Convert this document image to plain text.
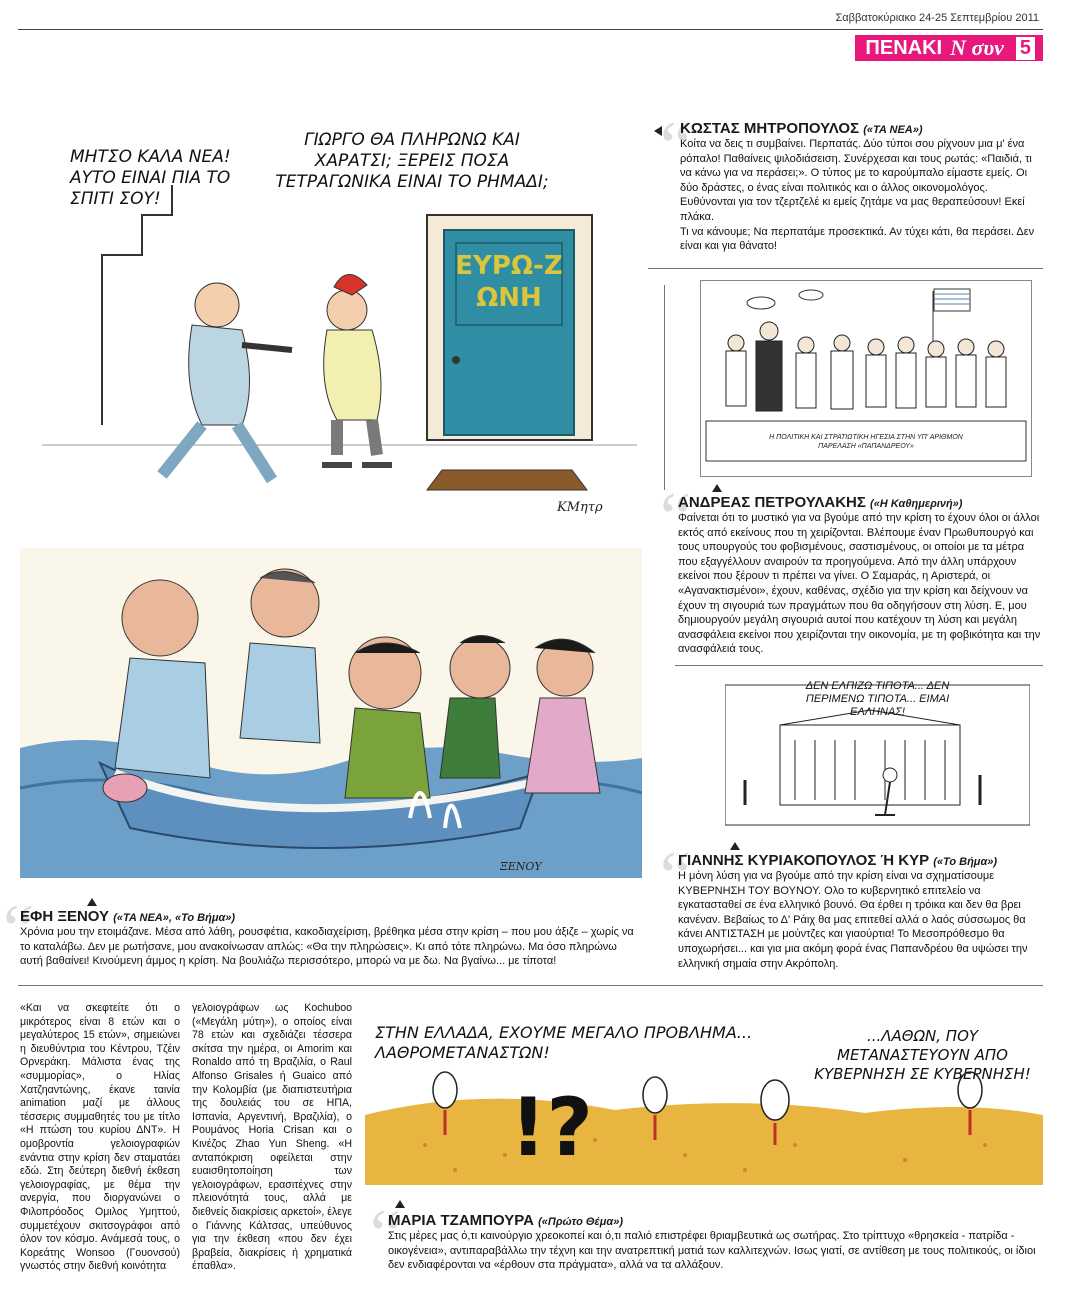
Σαββατοκύριακο 24-25 Σεπτεμβρίου 2011
ΠΕΝΑΚΙ N συν 5
ΜΗΤΣΟ ΚΑΛΑ ΝΕΑ! ΑΥΤΟ ΕΙΝΑΙ ΠΙΑ ΤΟ ΣΠΙΤΙ ΣΟΥ!
ΓΙΩΡΓΟ ΘΑ ΠΛΗΡΩΝΩ ΚΑΙ ΧΑΡΑΤΣΙ; ΞΕΡΕΙΣ ΠΟΣΑ ΤΕΤΡΑΓΩΝΙΚΑ ΕΙΝΑΙ ΤΟ ΡΗΜΑΔΙ;
ΕΥΡΩ-ΖΩΝΗ
ΚΜητρ
“
ΚΩΣΤΑΣ ΜΗΤΡΟΠΟΥΛΟΣ («ΤΑ ΝΕΑ»)
Κοίτα να δεις τι συμβαίνει. Περπατάς. Δύο τύποι σου ρίχνουν μια μ' ένα ρόπαλο! Παθαίνεις ψιλοδιάσειση. Συνέρχεσαι και τους ρωτάς: «Παιδιά, τι να κάνω για να περάσει;». Ο τύπος με το καρούμπαλο είμαστε εμείς. Οι δύο δράστες, ο ένας είναι πολιτικός και ο άλλος οικονομολόγος. Ευθύνονται για τον τζερτζελέ κι εμείς ζητάμε να μας θεραπεύσουν! Εκεί πλάκα.
Τι να κάνουμε; Να περπατάμε προσεκτικά. Αν τύχει κάτι, θα περάσει. Δεν είναι και για θάνατο!
Η ΠΟΛΙΤΙΚΗ ΚΑΙ ΣΤΡΑΤΙΩΤΙΚΗ ΗΓΕΣΙΑ ΣΤΗΝ ΥΠ' ΑΡΙΘΜΟΝ ΠΑΡΕΛΑΣΗ «ΠΑΠΑΝΔΡΕΟΥ»
“
ΑΝΔΡΕΑΣ ΠΕΤΡΟΥΛΑΚΗΣ («Η Καθημερινή»)
Φαίνεται ότι το μυστικό για να βγούμε από την κρίση το έχουν όλοι οι άλλοι εκτός από εκείνους που τη χειρίζονται. Βλέπουμε έναν Πρωθυπουργό και τους υπουργούς του φοβισμένους, σαστισμένους, οι οποίοι με τα μέτρα που εξαγγέλλουν αναιρούν τα προηγούμενα. Από την άλλη υπάρχουν εκείνοι που ξέρουν τι πρέπει να γίνει. Ο Σαμαράς, η Αριστερά, οι «Αγανακτισμένοι», έχουν, καθένας, σχέδιο για την κρίση και δείχνουν να έχουν τη σιγουριά των πραγμάτων που θα οδηγήσουν στη λύση. Ε, μου δημιουργούν μεγάλη σιγουριά αυτοί που κατέχουν τη λύση και μεγάλη ανασφάλεια εκείνοι που χειρίζονται την οικονομία, με τη φοβικότητα και την ανασφάλειά τους.
ΔΕΝ ΕΛΠΙΖΩ ΤΙΠΟΤΑ... ΔΕΝ ΠΕΡΙΜΕΝΩ ΤΙΠΟΤΑ... ΕΙΜΑΙ ΕΛΛΗΝΑΣ!
“
ΓΙΑΝΝΗΣ ΚΥΡΙΑΚΟΠΟΥΛΟΣ Ή ΚΥΡ («Το Βήμα»)
Η μόνη λύση για να βγούμε από την κρίση είναι να σχηματίσουμε ΚΥΒΕΡΝΗΣΗ ΤΟΥ ΒΟΥΝΟΥ. Ολο το κυβερνητικό επιτελείο να εγκατασταθεί σε ένα ελληνικό βουνό. Θα έρθει η τρόικα και δεν θα βρει κανέναν. Βεβαίως το Δ' Ράιχ θα μας επιτεθεί αλλά ο λαός σύσσωμος θα κάνει ΑΝΤΙΣΤΑΣΗ με μούντζες και γιαούρτια! Το Μεσοπρόθεσμο θα υποχωρήσει... και για μια ακόμη φορά ένας Παπανδρέου θα υψώσει την ελληνική σημαία στην Ακρόπολη.
ΞΕΝΟΥ
“
ΕΦΗ ΞΕΝΟΥ («ΤΑ ΝΕΑ», «Το Βήμα»)
Χρόνια μου την ετοιμάζανε. Μέσα από λάθη, ρουσφέτια, κακοδιαχείριση, βρέθηκα μέσα στην κρίση – που μου άξιζε – χωρίς να το καταλάβω. Δεν με ρωτήσανε, μου ανακοίνωσαν απλώς: «Θα την πληρώσεις». Κι από τότε πληρώνω. Μα όσο πληρώνω αυτή βαθαίνει! Κινούμενη άμμος η κρίση. Να βουλιάζω περισσότερο, μπορώ να με δω. Να βγαίνω... με τίποτα!
«Και να σκεφτείτε ότι ο μικρότερος είναι 8 ετών και ο μεγαλύτερος 15 ετών», σημειώνει η διευθύντρια του Κέντρου, Τζέιν Ορνεράκη. Μάλιστα ένας της «συμμορίας», ο Ηλίας Χατζηαντώνης, έκανε ταινία animation μαζί με άλλους τέσσερις συμμαθητές του με τίτλο «Η πτώση του κυρίου ΔΝΤ». Η ομοβροντία γελοιογραφιών ενάντια στην κρίση δεν σταματάει εδώ. Στη δεύτερη διεθνή έκθεση γελοιογραφίας, με θέμα την ανεργία, που διοργανώνει ο Φιλοπρόοδος Ομιλος Υμηττού, συμμετέχουν σκιτσογράφοι από όλον τον κόσμο. Ανάμεσά τους, ο Κορεάτης Wonsoo (Γουονσού) γνωστός στην διεθνή κοινότητα
γελοιογράφων ως Kochuboo («Μεγάλη μύτη»), ο οποίος είναι 78 ετών και σχεδιάζει τέσσερα σκίτσα την ημέρα, οι Amorim και Ronaldo από τη Βραζιλία, ο Raul Alfonso Grisales ή Guaico από την Κολομβία (με διαπιστευτήρια της δουλειάς του σε ΗΠΑ, Ισπανία, Αργεντινή, Βραζιλία), ο Ρουμάνος Horia Crisan και ο Κινέζος Zhao Yun Sheng. «Η ανταπόκριση οφείλεται στην ευαισθητοποίηση των γελοιογράφων, ερασιτέχνες στην πλειονότητά τους, αλλά με διεθνείς διακρίσεις αρκετοί», έλεγε ο Γιάννης Κάλτσας, υπεύθυνος για την έκθεση «που δεν έχει βραβεία, διακρίσεις ή χρηματικά έπαθλα».
!?
ΣΤΗΝ ΕΛΛΑΔΑ, ΕΧΟΥΜΕ ΜΕΓΑΛΟ ΠΡΟΒΛΗΜΑ... ΛΑΘΡΟΜΕΤΑΝΑΣΤΩΝ!
...ΛΑΘΩΝ, ΠΟΥ ΜΕΤΑΝΑΣΤΕΥΟΥΝ ΑΠΟ ΚΥΒΕΡΝΗΣΗ ΣΕ ΚΥΒΕΡΝΗΣΗ!
“
ΜΑΡΙΑ ΤΖΑΜΠΟΥΡΑ («Πρώτο Θέμα»)
Στις μέρες μας ό,τι καινούργιο χρεοκοπεί και ό,τι παλιό επιστρέφει θριαμβευτικά ως σωτήρας. Στο τρίπτυχο «θρησκεία - πατρίδα - οικογένεια», αντιπαραβάλλω την τέχνη και την ανατρεπτική ματιά των καλλιτεχνών. Ισως γιατί, σε αντίθεση με τους πολιτικούς, οι ίδιοι δεν ενδιαφέρονται να «έρθουν στα πράγματα», αλλά να τα αλλάξουν.
